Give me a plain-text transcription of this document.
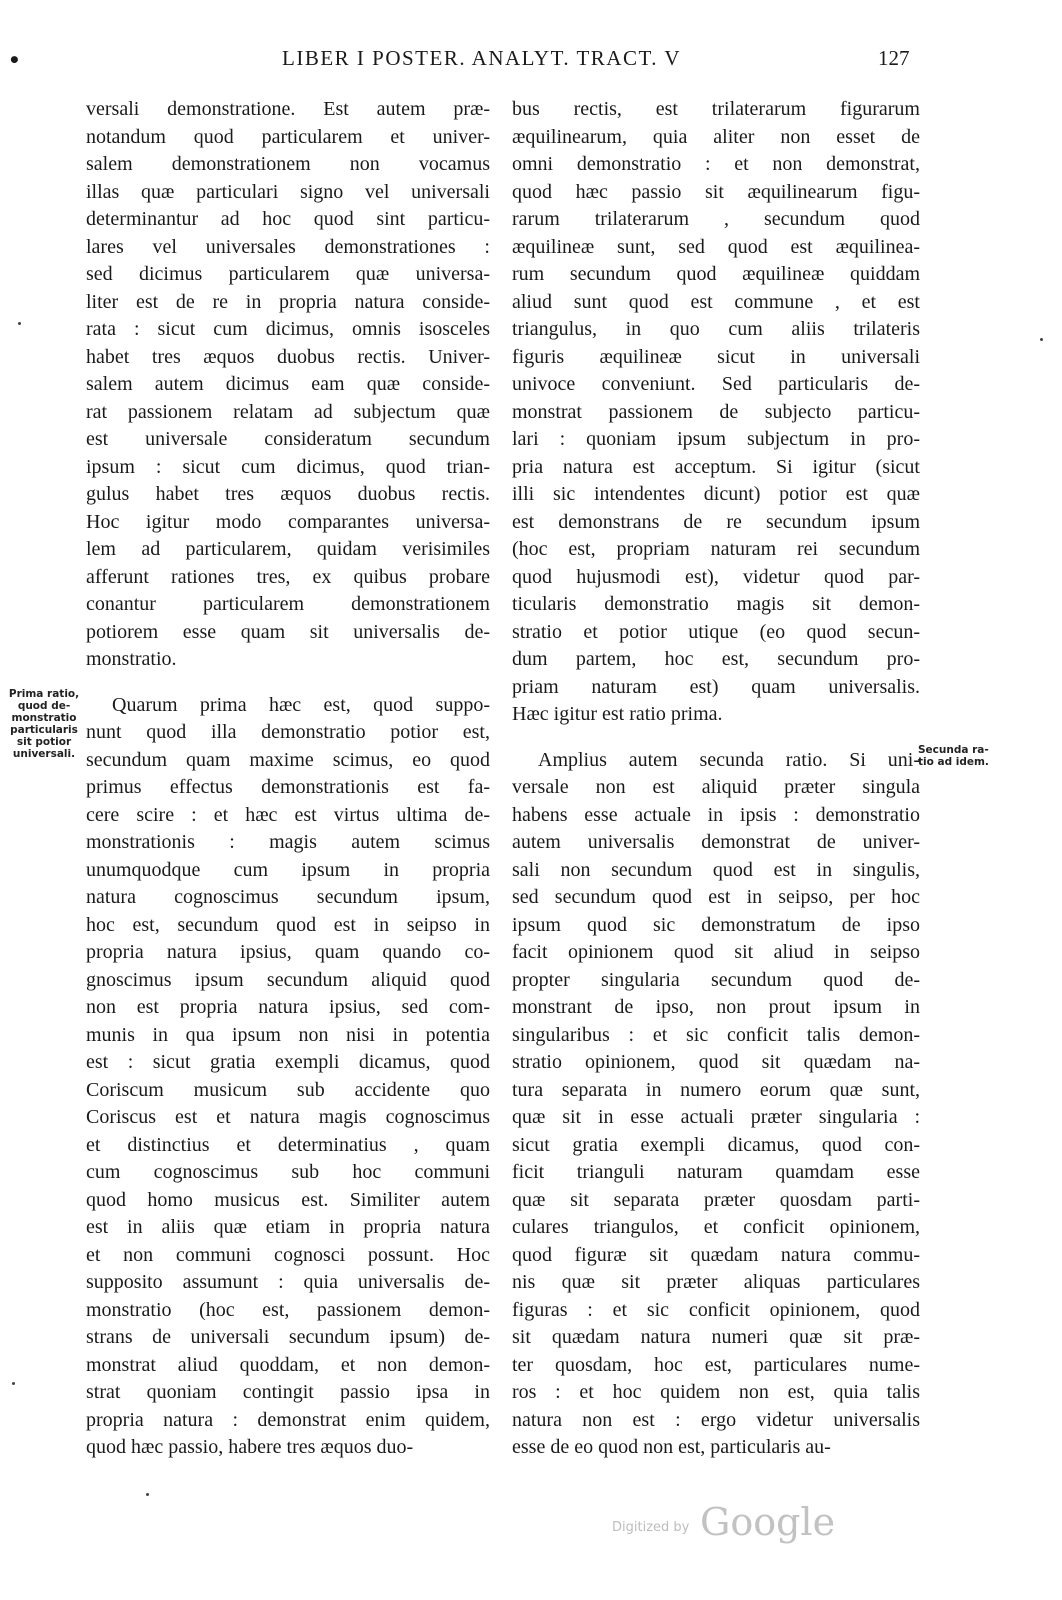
•	LIBER I POSTER. ANALYT. TRACT. V	127
versali demonstratione. Est autem præ-
notandum quod particularem et univer-
salem demonstrationem non vocamus
illas quæ particulari signo vel universali
determinantur ad hoc quod sint particu-
lares vel universales demonstrationes :
sed dicimus particularem quæ universa-
liter est de re in propria natura conside-
rata : sicut cum dicimus, omnis isosceles
habet tres æquos duobus rectis. Univer-
salem autem dicimus eam quæ conside-
rat passionem relatam ad subjectum quæ
est universale consideratum secundum
ipsum : sicut cum dicimus, quod trian-
gulus habet tres æquos duobus rectis.
Hoc igitur modo comparantes universa-
lem ad particularem, quidam verisimiles
afferunt rationes tres, ex quibus probare
conantur particularem demonstrationem
potiorem esse quam sit universalis de-
monstratio.
Quarum prima hæc est, quod suppo-
nunt quod illa demonstratio potior est,
secundum quam maxime scimus, eo quod
primus effectus demonstrationis est fa-
cere scire : et hæc est virtus ultima de-
monstrationis : magis autem scimus
unumquodque cum ipsum in propria
natura cognoscimus secundum ipsum,
hoc est, secundum quod est in seipso in
propria natura ipsius, quam quando co-
gnoscimus ipsum secundum aliquid quod
non est propria natura ipsius, sed com-
munis in qua ipsum non nisi in potentia
est : sicut gratia exempli dicamus, quod
Coriscum musicum sub accidente quo
Coriscus est et natura magis cognoscimus
et distinctius et determinatius , quam
cum cognoscimus sub hoc communi
quod homo musicus est. Similiter autem
est in aliis quæ etiam in propria natura
et non communi cognosci possunt. Hoc
supposito assumunt : quia universalis de-
monstratio (hoc est, passionem demon-
strans de universali secundum ipsum) de-
monstrat aliud quoddam, et non demon-
strat quoniam contingit passio ipsa in
propria natura : demonstrat enim quidem,
quod hæc passio, habere tres æquos duo-
bus rectis, est trilaterarum figurarum
æquilinearum, quia aliter non esset de
omni demonstratio : et non demonstrat,
quod hæc passio sit æquilinearum figu-
rarum trilaterarum , secundum quod
æquilineæ sunt, sed quod est æquilinea-
rum secundum quod æquilineæ quiddam
aliud sunt quod est commune , et est
triangulus, in quo cum aliis trilateris
figuris æquilineæ sicut in universali
univoce conveniunt. Sed particularis de-
monstrat passionem de subjecto particu-
lari : quoniam ipsum subjectum in pro-
pria natura est acceptum. Si igitur (sicut
illi sic intendentes dicunt) potior est quæ
est demonstrans de re secundum ipsum
(hoc est, propriam naturam rei secundum
quod hujusmodi est), videtur quod par-
ticularis demonstratio magis sit demon-
stratio et potior utique (eo quod secun-
dum partem, hoc est, secundum pro-
priam naturam est) quam universalis.
Hæc igitur est ratio prima.
Amplius autem secunda ratio. Si uni-
versale non est aliquid præter singula
habens esse actuale in ipsis : demonstratio
autem universalis demonstrat de univer-
sali non secundum quod est in singulis,
sed secundum quod est in seipso, per hoc
ipsum quod sic demonstratum de ipso
facit opinionem quod sit aliud in seipso
propter singularia secundum quod de-
monstrant de ipso, non prout ipsum in
singularibus : et sic conficit talis demon-
stratio opinionem, quod sit quædam na-
tura separata in numero eorum quæ sunt,
quæ sit in esse actuali præter singularia :
sicut gratia exempli dicamus, quod con-
ficit trianguli naturam quamdam esse
quæ sit separata præter quosdam parti-
culares triangulos, et conficit opinionem,
quod figuræ sit quædam natura commu-
nis quæ sit præter aliquas particulares
figuras : et sic conficit opinionem, quod
sit quædam natura numeri quæ sit præ-
ter quosdam, hoc est, particulares nume-
ros : et hoc quidem non est, quia talis
natura non est : ergo videtur universalis
esse de eo quod non est, particularis au-
Prima ratio,
quod de-
monstratio
particularis
sit potior
universali.	Secunda ra-
tio ad idem.
Digitized by Google
